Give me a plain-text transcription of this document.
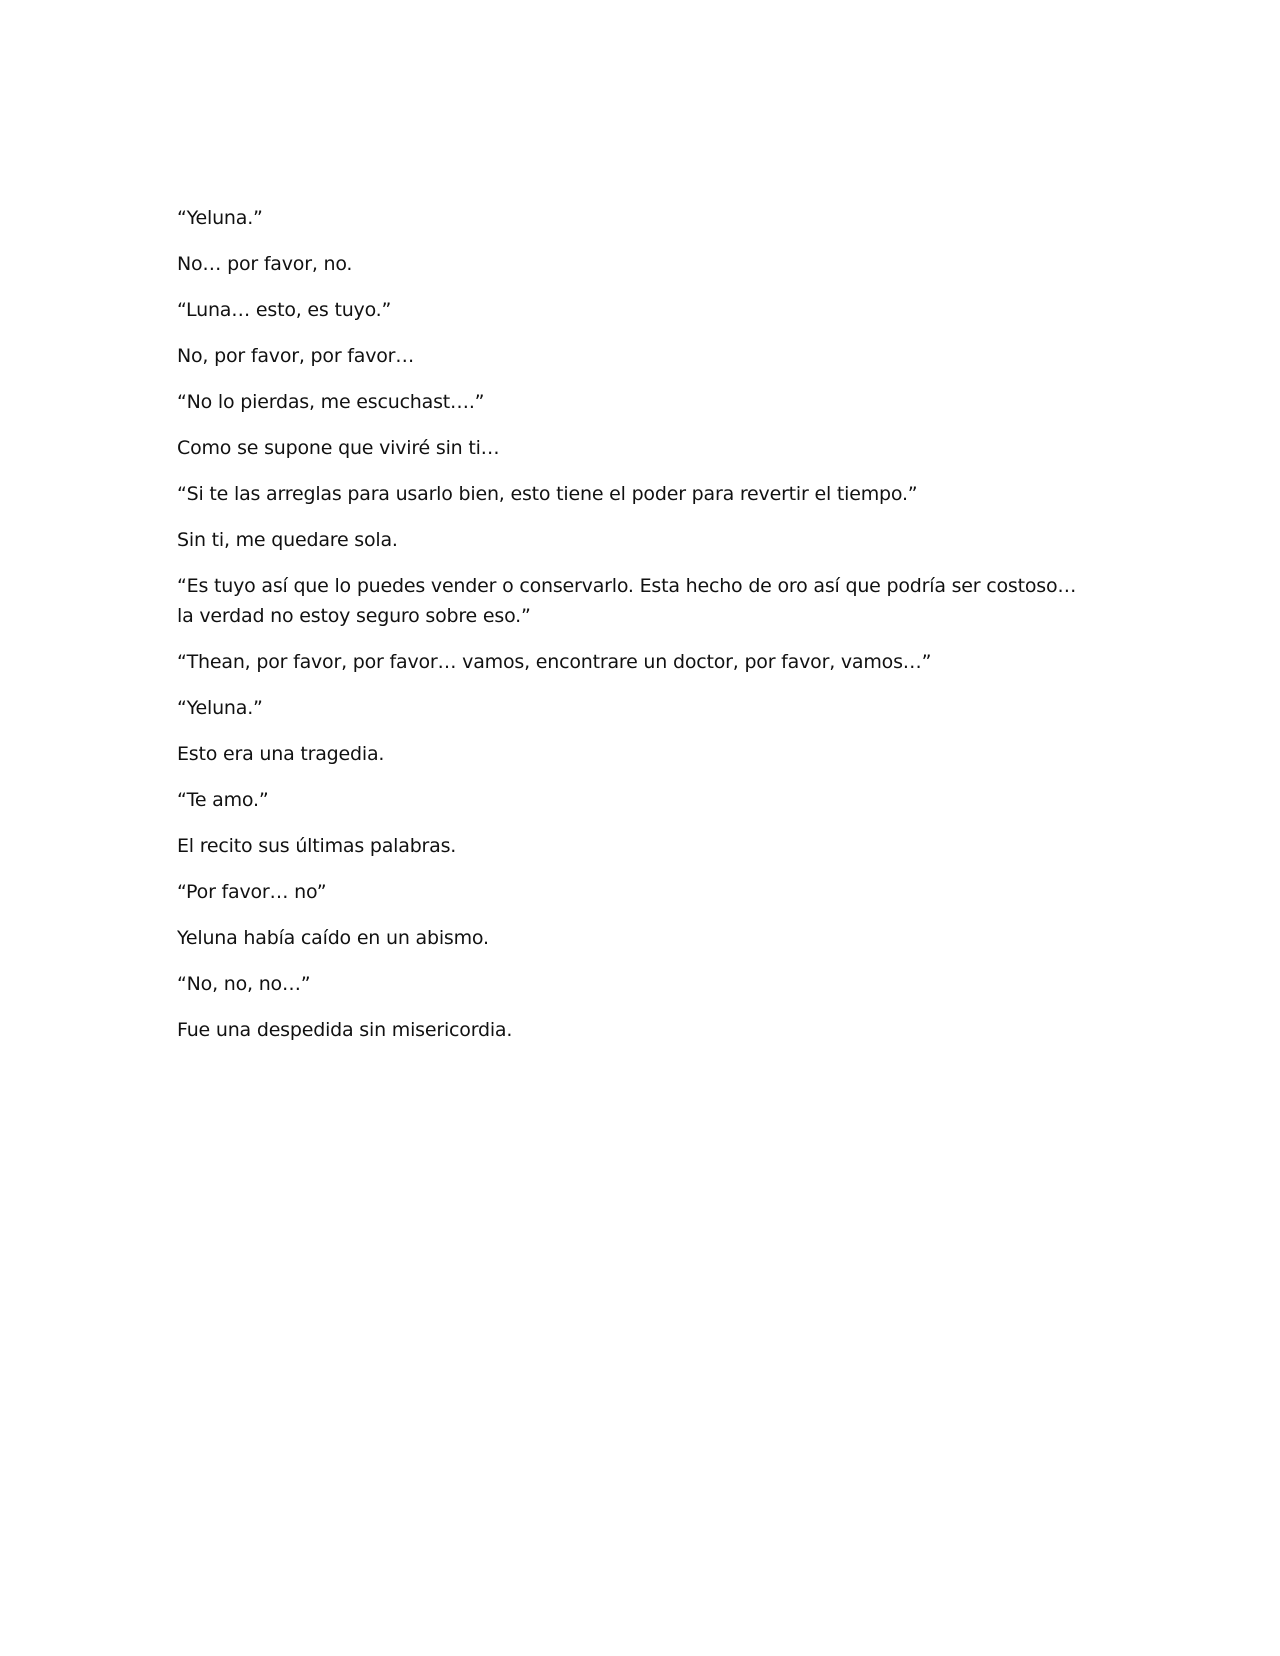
“Yeluna.”

No… por favor, no.

“Luna… esto, es tuyo.”

No, por favor, por favor…

“No lo pierdas, me escuchast….”

Como se supone que viviré sin ti…

“Si te las arreglas para usarlo bien, esto tiene el poder para revertir el tiempo.”

Sin ti, me quedare sola.

“Es tuyo así que lo puedes vender o conservarlo. Esta hecho de oro así que podría ser costoso… la verdad no estoy seguro sobre eso.”

“Thean, por favor, por favor… vamos, encontrare un doctor, por favor, vamos…”

“Yeluna.”

Esto era una tragedia.

“Te amo.”

El recito sus últimas palabras.

“Por favor… no”

Yeluna había caído en un abismo.

“No, no, no…”

Fue una despedida sin misericordia.
